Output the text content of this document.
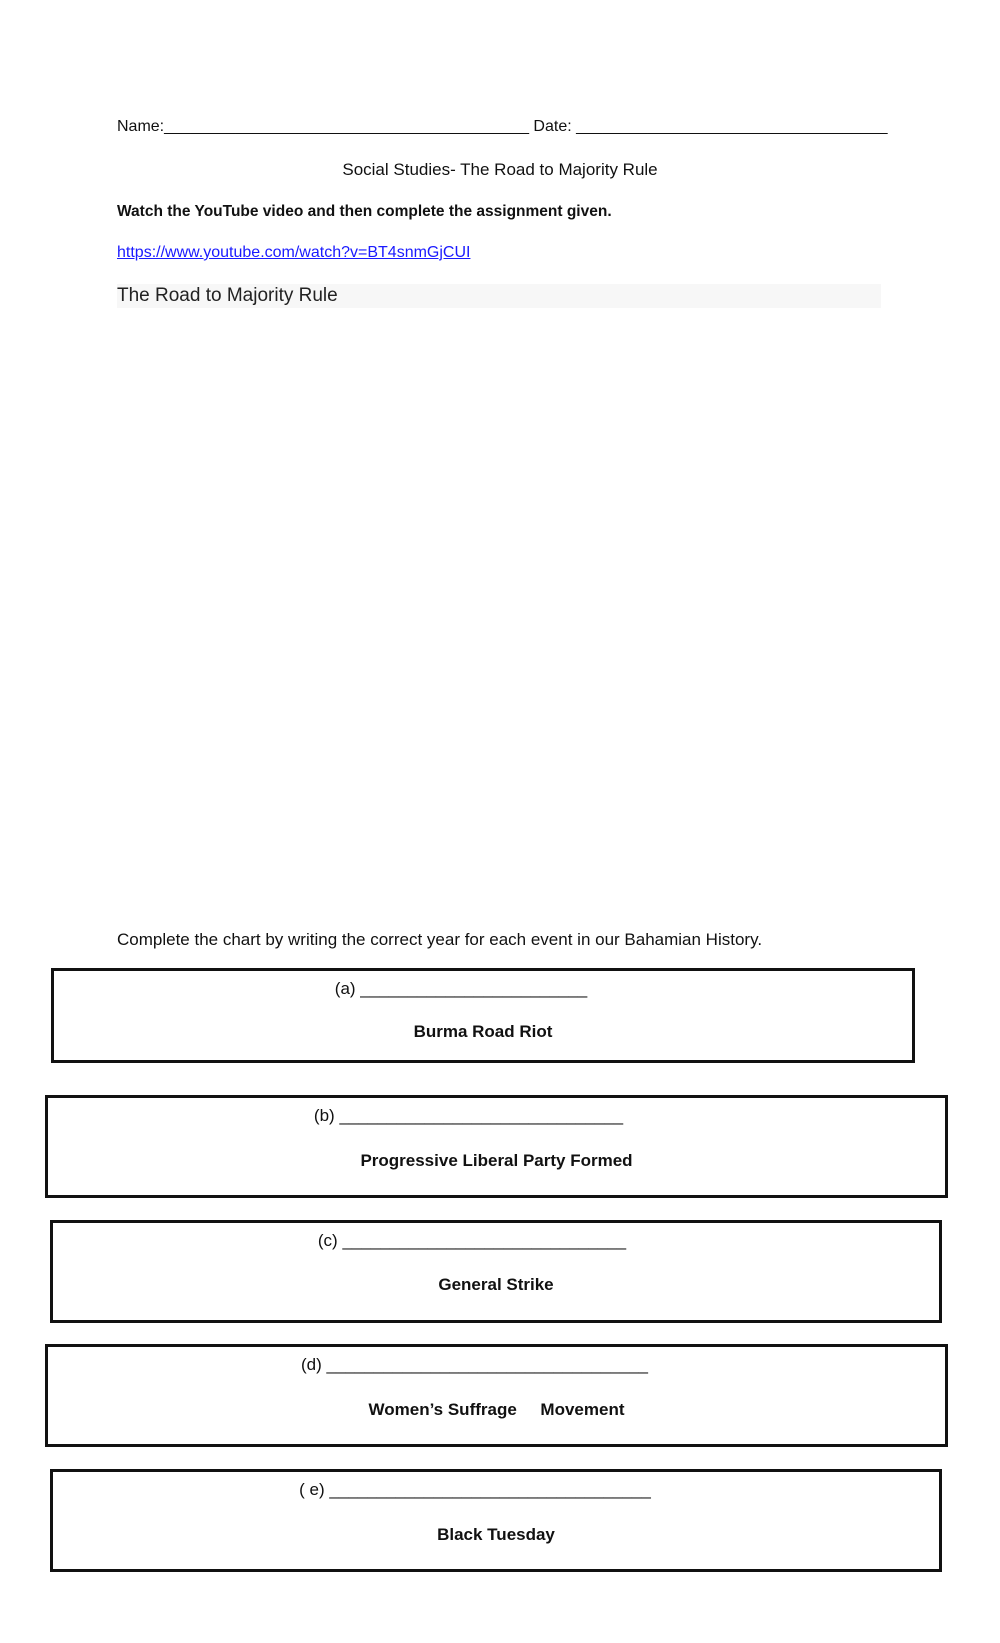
Name:_________________________________________ Date: ___________________________________
Social Studies- The Road to Majority Rule
Watch the YouTube video and then complete the assignment given.
https://www.youtube.com/watch?v=BT4snmGjCUI
The Road to Majority Rule
Complete the chart by writing the correct year for each event in our Bahamian History.
(a) ________________________
Burma Road Riot
(b) ______________________________
Progressive Liberal Party Formed
(c) ______________________________
General Strike
(d) __________________________________
Women’s Suffrage     Movement
( e) __________________________________
Black Tuesday
